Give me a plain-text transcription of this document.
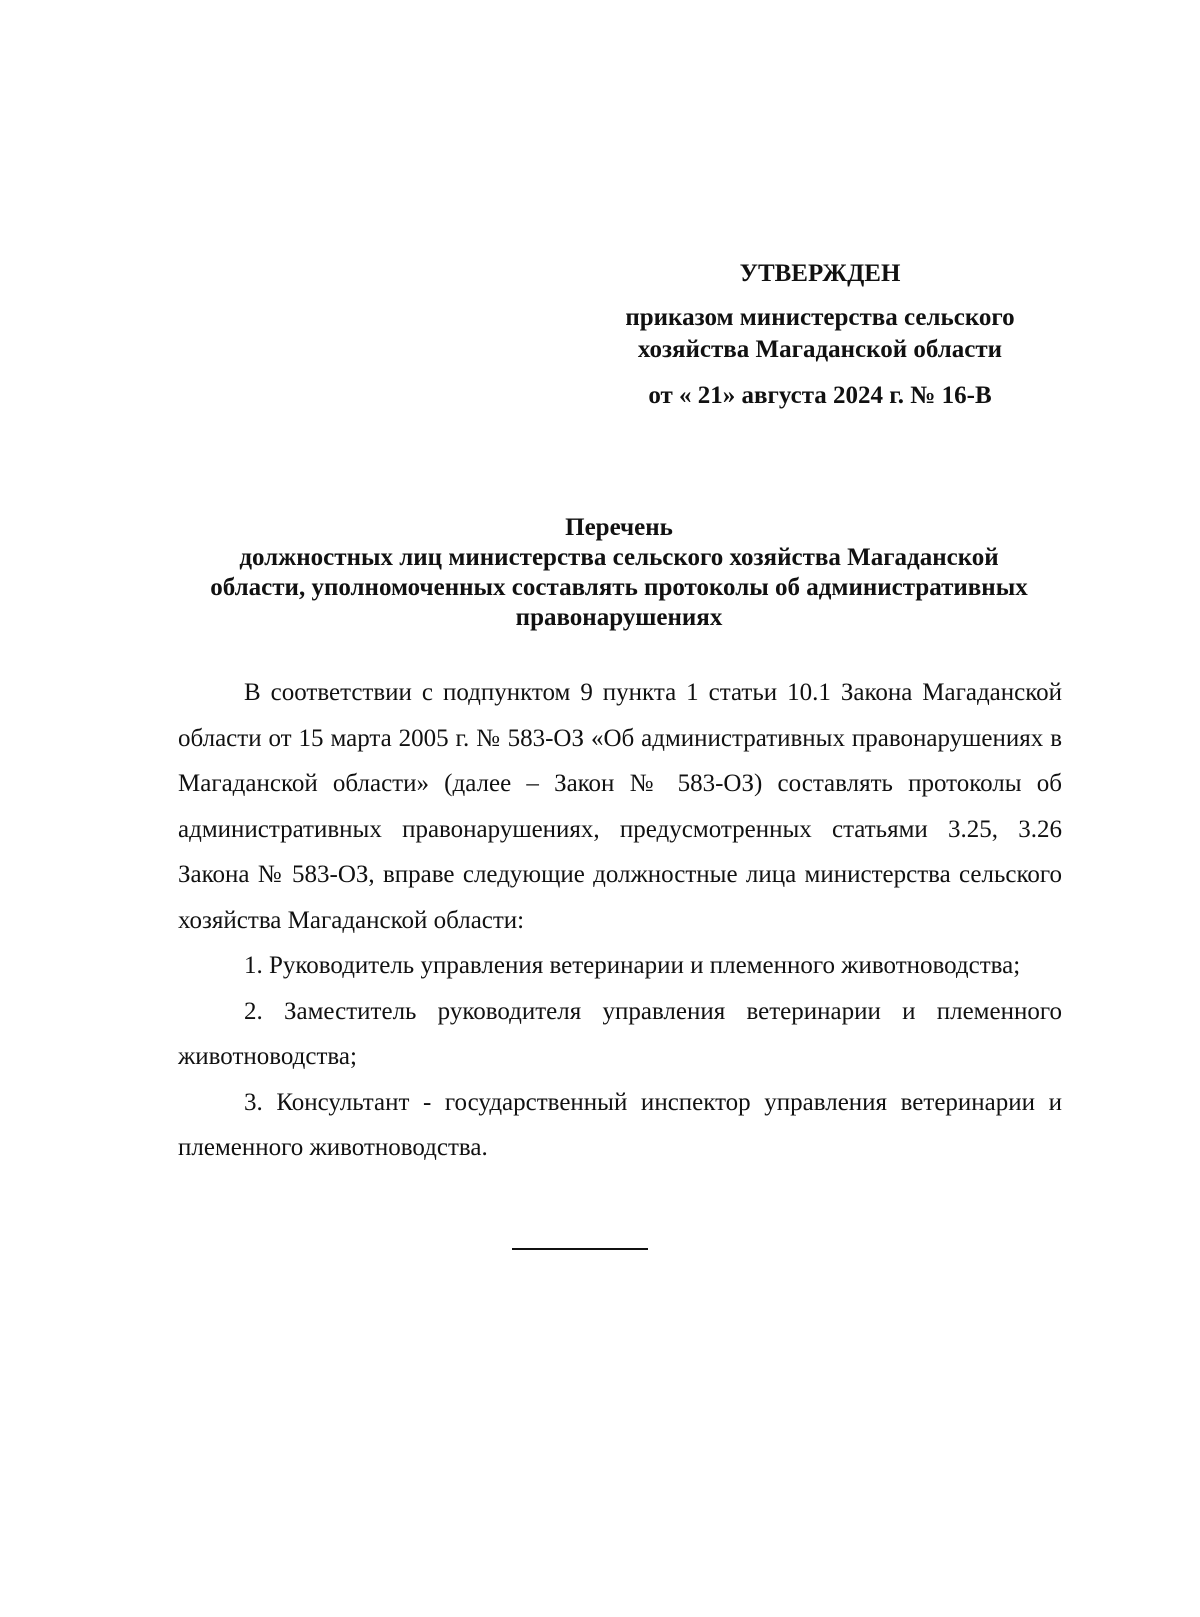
УТВЕРЖДЕН
приказом министерства сельского
хозяйства Магаданской области
от « 21» августа 2024 г. № 16-В
Перечень
должностных лиц министерства сельского хозяйства Магаданской
области, уполномоченных составлять протоколы об административных
правонарушениях

В соответствии с подпунктом 9 пункта 1 статьи 10.1 Закона Магаданской области от 15 марта 2005 г. № 583-ОЗ «Об административных правонарушениях в Магаданской области» (далее – Закон № 583-ОЗ) составлять протоколы об административных правонарушениях, предусмотренных статьями 3.25, 3.26 Закона № 583-ОЗ, вправе следующие должностные лица министерства сельского хозяйства Магаданской области:

1. Руководитель управления ветеринарии и племенного животноводства;

2. Заместитель руководителя управления ветеринарии и племенного животноводства;

3. Консультант - государственный инспектор управления ветеринарии и племенного животноводства.
